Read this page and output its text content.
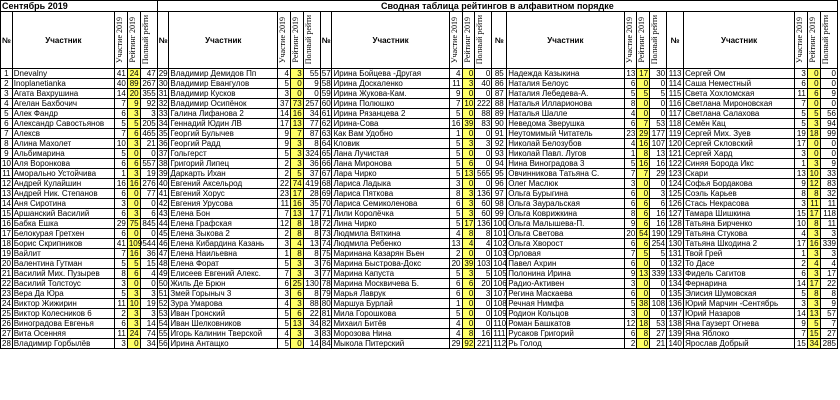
Сентябрь 2019					Сводная таблица рейтингов в алфавитном порядке																			
№	Участник	Участие 2019	Рейтинг 2019	Полный рейти	№	Участник	Участие 2019	Рейтинг 2019	Полный рейти	№	Участник	Участие 2019	Рейтинг 2019	Полный рейти	№	Участник	Участие 2019	Рейтинг 2019	Полный рейти	№	Участник	Участие 2019	Рейтинг 2019	Полный рейти

1	Dnevalny	41	24	47	29	Владимир Демидов Пп	4	3	55	57	Ирина Бойцева -Другая	4	0	0	85	Надежда Казыкина	13	17	30	113	Сергей Ом	3	0	0
2	Inoplanetianka	40	89	267	30	Владимир Евангулов	5	0	9	58	Ирина Доскаленко	11	3	40	86	Наталия Белоус	6	0	0	114	Саша Неместный	6	0	0
3	Агата Вахрушина	14	20	355	31	Владимир Кусков	3	0	0	59	Ирина Жукова-Кам.	9	0	0	87	Наталия Лебедева-А.	5	5	5	115	Света Хохломская	11	6	9
4	Агелан Бахбочич	7	9	92	32	Владимир Осипёнок	37	73	257	60	Ирина Полюшко	7	10	222	88	Наталья Илларионова	8	0	0	116	Светлана Мироновская	7	0	0
5	Алек Фандр	6	3	3	33	Галина Лифанова 2	14	16	34	61	Ирина Рязанцева 2	5	0	88	89	Наталья Шалле	4	0	0	117	Светлана Салахова	5	5	56
6	Александр Савостьянов	5	5	205	34	Геннадий Юдин ЛВ	17	13	77	62	Ирина-Сова	16	39	83	90	Неведома Зверушка	6	7	53	118	Семён Кац	5	3	94
7	Алексв	7	6	465	35	Георгий Булычев	9	7	87	63	Как Вам Удобно	1	0	0	91	Неутомимый Читатель	23	29	177	119	Сергей Мих. Зуев	19	18	99
8	Алина Махолет	10	3	21	36	Георгий Радд	9	3	8	64	Кловик	5	3	3	92	Николай Белозубов	4	16	107	120	Сергей Скловский	17	0	0
9	Альбимарина	5	0	0	37	Гольгерст	5	3	324	65	Лана Лучистая	5	0	0	93	Николай Павл. Лугов	1	8	13	121	Сергей Хард	3	0	0
10	Аля Воронкова	6	6	557	38	Григорий Липец	2	3	36	66	Лана Миронова	5	6	0	94	Нина Виноградова 3	5	16	16	122	Синяя Борода Икс	1	3	9
11	Аморально Устойчива	1	3	19	39	Даркарть Ихан	2	5	37	67	Лара Чирко	5	13	565	95	Овчинникова Татьяна С.	7	7	29	123	Скари	13	10	33
12	Андрей Кулайшин	16	16	276	40	Евгений Аксельрод	22	74	419	68	Лариса Ладыка	3	0	0	96	Олег Маслюк	3	0	0	124	Софья Бордакова	9	12	83
13	Андрей Ник. Степанов	6	0	77	41	Евгений Хорус	23	17	28	69	Лариса Пяткова	8	3	136	97	Ольга Бурыгина	6	0	3	125	Соэль Карьев	8	8	32
14	Аня Сиротина	3	0	0	42	Евгения Урусова	11	16	35	70	Лариса Семиколенова	6	3	60	98	Ольга Зауральская	6	6	6	126	Стась Некрасова	3	11	11
15	Аршанский Василий	6	3	6	43	Елена Бон	7	13	17	71	Лили Королёчка	5	3	60	99	Ольга Коврижкина	8	6	16	127	Тамара Шишкина	15	17	118
16	Бабка Ешка	29	75	845	44	Елена Графская	12	8	18	72	Лина Чирко	5	17	136	100	Ольга Малышева-П.	9	6	16	128	Татьяна Бирченко	10	8	11
17	Белокурая Гретхен	6	0	0	45	Елена Зыкова 2	2	8	8	73	Людмила Вяткина	4	8	8	101	Ольга Светова	20	54	190	129	Татьяна Стукова	4	3	3
18	Борис Скрипников	41	109	544	46	Елена Кибардина Казань	3	4	13	74	Людмила Ребенко	13	4	4	102	Ольга Хворост	6	6	254	130	Татьяна Шкодина 2	17	16	339
19	Вайлит	7	16	36	47	Елена Наильевна	1	8	8	75	Маринана Казарян Вьен	2	0	0	103	Орловая	7	5	5	131	Твой Грей	1	3	3
20	Валентина Гутман	5	5	15	48	Елена Форат	5	3	3	76	Марина Быстрова-Докс	20	39	103	104	Павел Ахрин	6	0	0	132	То Дасе	2	4	4
21	Василий Мих. Пузырев	8	6	4	49	Елисеев Евгений Алекс.	7	3	3	77	Марина Капуста	5	3	5	105	Полонина Ирина	9	13	339	133	Фидель Сагитов	6	3	17
22	Василий Толстоус	3	0	0	50	Жиль Де Брюн	6	25	130	78	Марина Москвичева Б.	6	6	20	106	Радио-Активен	3	0	0	134	Фернарина	14	17	22
23	Вера Да Юра	5	3	3	51	Змей Горыныч 3	3	6	8	79	Марья Лаврук	6	0	3	107	Регина Маскаева	6	0	0	135	Элисия Шумовская	5	8	8
24	Виктор Жижирин	11	10	19	52	Зура Умарова	4	3	88	80	Маршуа Бурлай	1	0	0	108	Речная Нимфа	5	38	108	136	Юрий Марчин -Сентябрь	3	3	9
25	Виктор Колесников 6	2	3	3	53	Иван Гронский	5	6	22	81	Мила Горошкова	5	0	0	109	Родион Кольцов	3	0	0	137	Юрий Назаров	14	13	57
26	Виноградова Евгенья	6	3	14	54	Иван Шелковников	5	13	34	82	Михаил Битёв	4	0	0	110	Роман Башкатов	12	18	53	138	Яна Гаузерт Огнева	9	5	7
27	Вита Осенняя	11	24	74	55	Игорь Калинин Тверской	4	3	3	83	Морозова Нина	4	8	16	111	Русаков Григорий	6	8	27	139	Яна Яблоко	7	15	27
28	Владимир Горбылёв	3	0	34	56	Ирина Антащко	5	0	14	84	Мыкола Питерский	29	92	221	112	Рь Голод	2	0	21	140	Ярослав Добрый	15	34	285
